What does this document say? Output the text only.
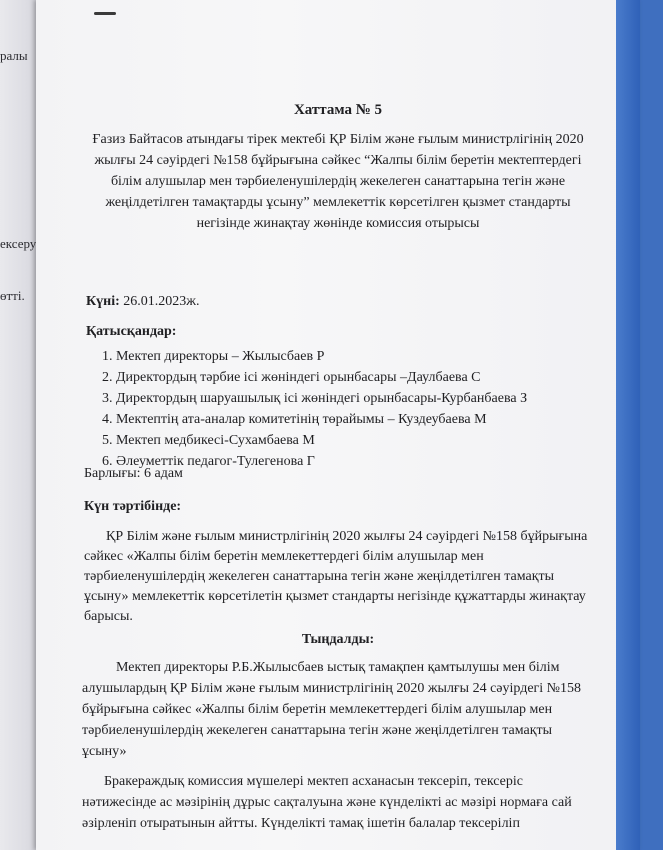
ралы
ексеру
өтті.
Хаттама № 5
Ғазиз Байтасов атындағы тірек мектебі ҚР Білім және ғылым министрлігінің 2020
жылғы 24 сәуірдегі №158 бұйрығына сәйкес “Жалпы білім беретін мектептердегі
білім алушылар мен тәрбиеленушілердің жекелеген санаттарына тегін және
жеңілдетілген тамақтарды ұсыну” мемлекеттік көрсетілген қызмет стандарты
негізінде жинақтау жөнінде комиссия отырысы
Күні: 26.01.2023ж.
Қатысқандар:
1. Мектеп директоры – Жылысбаев Р
2. Директордың тәрбие ісі жөніндегі орынбасары –Даулбаева С
3. Директордың шаруашылық ісі жөніндегі орынбасары-Курбанбаева З
4. Мектептің ата-аналар комитетінің төрайымы – Куздеубаева М
5. Мектеп медбикесі-Сухамбаева М
6. Әлеуметтік педагог-Тулегенова Г
Барлығы: 6 адам
Күн тәртібінде:
ҚР Білім және ғылым министрлігінің 2020 жылғы 24 сәуірдегі №158 бұйрығына
сәйкес «Жалпы білім беретін мемлекеттердегі білім алушылар мен
тәрбиеленушілердің жекелеген санаттарына тегін және жеңілдетілген тамақты
ұсыну» мемлекеттік көрсетілетін қызмет стандарты негізінде құжаттарды жинақтау
барысы.
Тыңдалды:
Мектеп директоры Р.Б.Жылысбаев ыстық тамақпен қамтылушы мен білім
алушылардың ҚР Білім және ғылым министрлігінің 2020 жылғы 24 сәуірдегі №158
бұйрығына сәйкес «Жалпы білім беретін мемлекеттердегі білім алушылар мен
тәрбиеленушілердің жекелеген санаттарына тегін және жеңілдетілген тамақты
ұсыну»
Бракераждық комиссия мүшелері мектеп асханасын тексеріп, тексеріс
нәтижесінде ас мәзірінің дұрыс сақталуына және күнделікті ас мәзірі нормаға сай
әзірленіп отыратынын айтты. Күнделікті тамақ ішетін балалар тексеріліп
